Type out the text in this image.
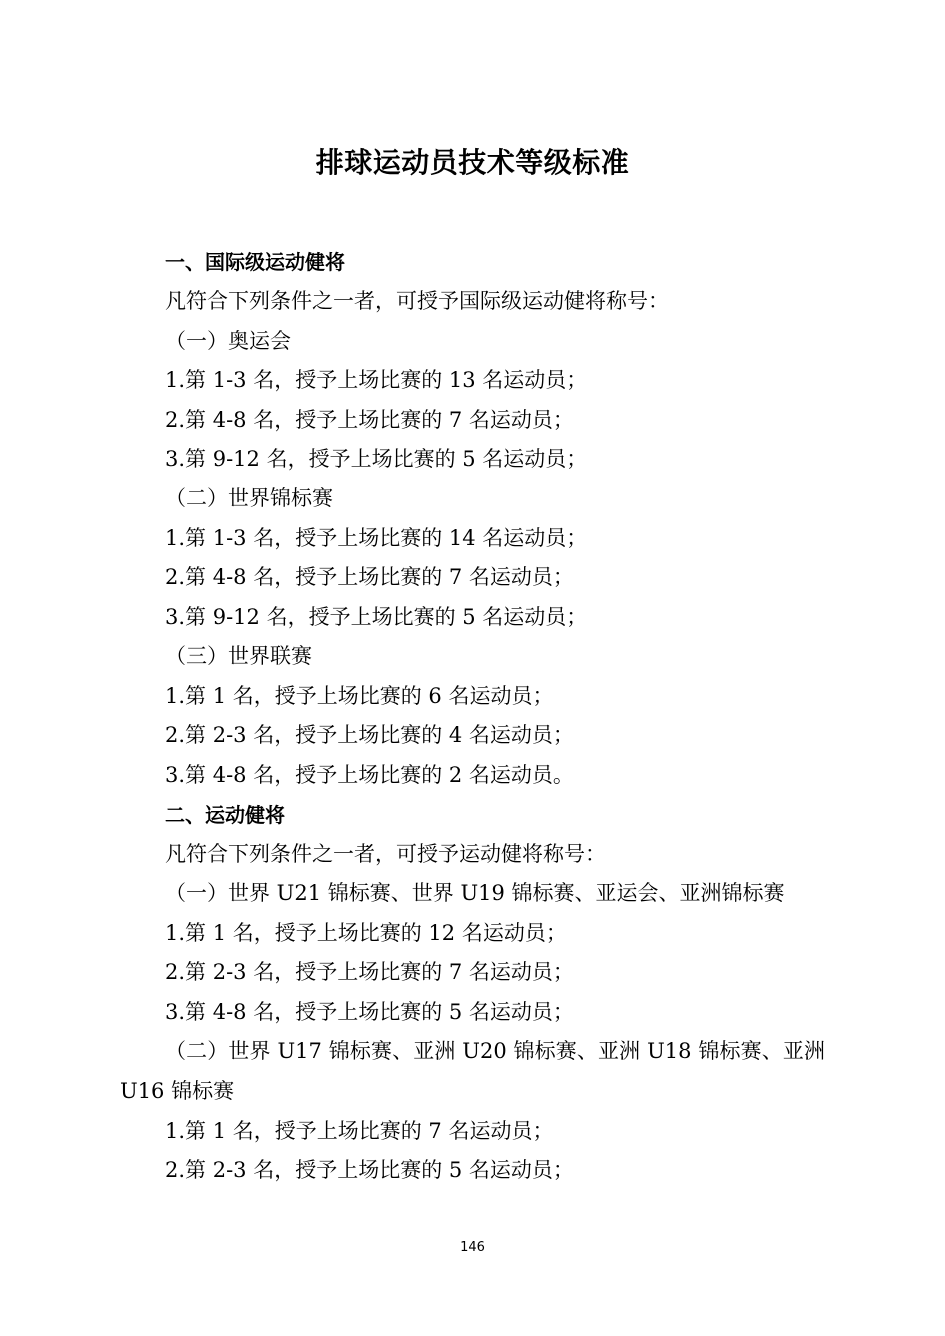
排球运动员技术等级标准
一、国际级运动健将
凡符合下列条件之一者，可授予国际级运动健将称号：
（一）奥运会
1.第 1-3 名，授予上场比赛的 13 名运动员；
2.第 4-8 名，授予上场比赛的 7 名运动员；
3.第 9-12 名，授予上场比赛的 5 名运动员；
（二）世界锦标赛
1.第 1-3 名，授予上场比赛的 14 名运动员；
2.第 4-8 名，授予上场比赛的 7 名运动员；
3.第 9-12 名，授予上场比赛的 5 名运动员；
（三）世界联赛
1.第 1 名，授予上场比赛的 6 名运动员；
2.第 2-3 名，授予上场比赛的 4 名运动员；
3.第 4-8 名，授予上场比赛的 2 名运动员。
二、运动健将
凡符合下列条件之一者，可授予运动健将称号：
（一）世界 U21 锦标赛、世界 U19 锦标赛、亚运会、亚洲锦标赛
1.第 1 名，授予上场比赛的 12 名运动员；
2.第 2-3 名，授予上场比赛的 7 名运动员；
3.第 4-8 名，授予上场比赛的 5 名运动员；
（二）世界 U17 锦标赛、亚洲 U20 锦标赛、亚洲 U18 锦标赛、亚洲
U16 锦标赛
1.第 1 名，授予上场比赛的 7 名运动员；
2.第 2-3 名，授予上场比赛的 5 名运动员；
146
